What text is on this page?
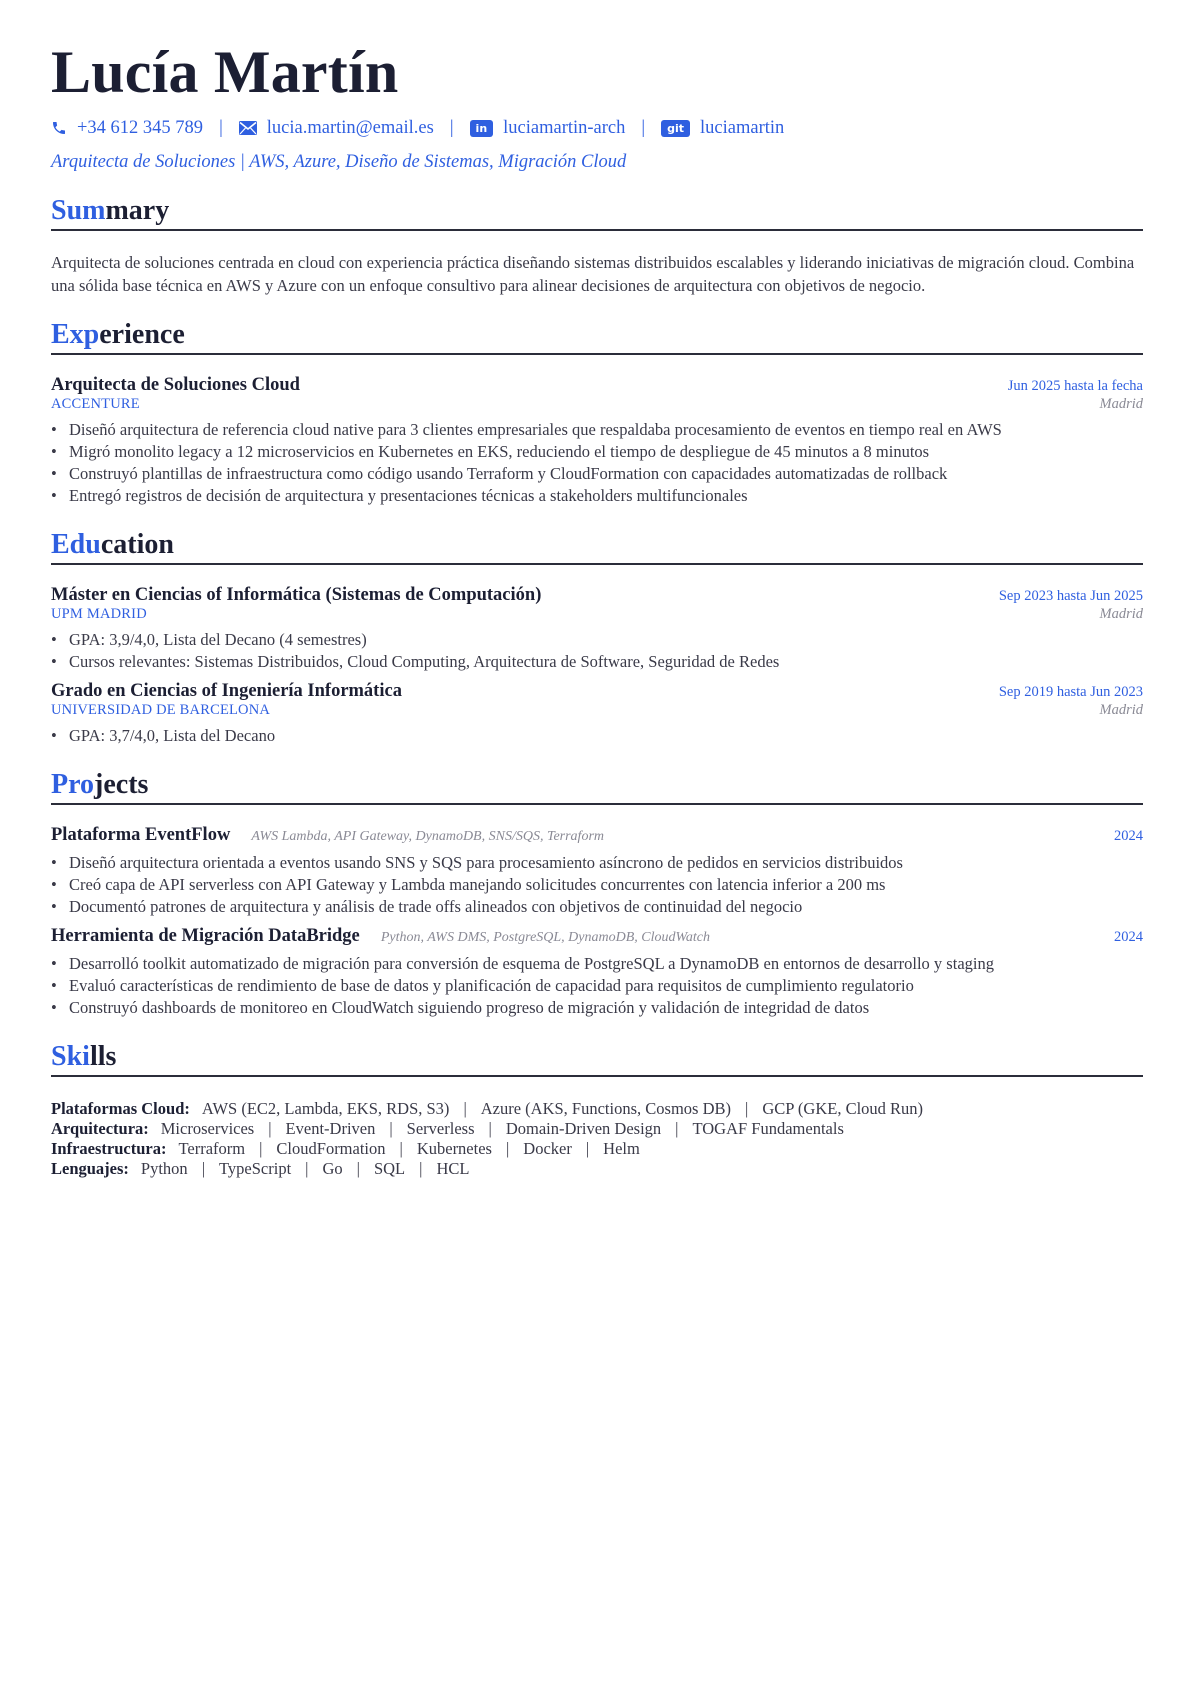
Lucía Martín
+34 612 345 789 | lucia.martin@email.es |	in luciamartin-arch |	git luciamartin
Arquitecta de Soluciones | AWS, Azure, Diseño de Sistemas, Migración Cloud
Summary
Arquitecta de soluciones centrada en cloud con experiencia práctica diseñando sistemas distribuidos escalables y liderando iniciativas de migración cloud. Combina una sólida base técnica en AWS y Azure con un enfoque consultivo para alinear decisiones de arquitectura con objetivos de negocio.
Experience
Arquitecta de Soluciones Cloud	Jun 2025 hasta la fecha
ACCENTURE	Madrid
• Diseñó arquitectura de referencia cloud native para 3 clientes empresariales que respaldaba procesamiento de eventos en tiempo real en AWS
• Migró monolito legacy a 12 microservicios en Kubernetes en EKS, reduciendo el tiempo de despliegue de 45 minutos a 8 minutos
• Construyó plantillas de infraestructura como código usando Terraform y CloudFormation con capacidades automatizadas de rollback
• Entregó registros de decisión de arquitectura y presentaciones técnicas a stakeholders multifuncionales
Education
Máster en Ciencias of Informática (Sistemas de Computación)	Sep 2023 hasta Jun 2025
UPM MADRID	Madrid
• GPA: 3,9/4,0, Lista del Decano (4 semestres)
• Cursos relevantes: Sistemas Distribuidos, Cloud Computing, Arquitectura de Software, Seguridad de Redes
Grado en Ciencias of Ingeniería Informática	Sep 2019 hasta Jun 2023
UNIVERSIDAD DE BARCELONA	Madrid
• GPA: 3,7/4,0, Lista del Decano
Projects
Plataforma EventFlow AWS Lambda, API Gateway, DynamoDB, SNS/SQS, Terraform	2024
• Diseñó arquitectura orientada a eventos usando SNS y SQS para procesamiento asíncrono de pedidos en servicios distribuidos
• Creó capa de API serverless con API Gateway y Lambda manejando solicitudes concurrentes con latencia inferior a 200 ms
• Documentó patrones de arquitectura y análisis de trade offs alineados con objetivos de continuidad del negocio
Herramienta de Migración DataBridge Python, AWS DMS, PostgreSQL, DynamoDB, CloudWatch	2024
• Desarrolló toolkit automatizado de migración para conversión de esquema de PostgreSQL a DynamoDB en entornos de desarrollo y staging
• Evaluó características de rendimiento de base de datos y planificación de capacidad para requisitos de cumplimiento regulatorio
• Construyó dashboards de monitoreo en CloudWatch siguiendo progreso de migración y validación de integridad de datos
Skills
Plataformas Cloud: AWS (EC2, Lambda, EKS, RDS, S3) | Azure (AKS, Functions, Cosmos DB) | GCP (GKE, Cloud Run)
Arquitectura: Microservices | Event-Driven | Serverless | Domain-Driven Design | TOGAF Fundamentals
Infraestructura: Terraform | CloudFormation | Kubernetes | Docker | Helm
Lenguajes: Python | TypeScript | Go | SQL | HCL
